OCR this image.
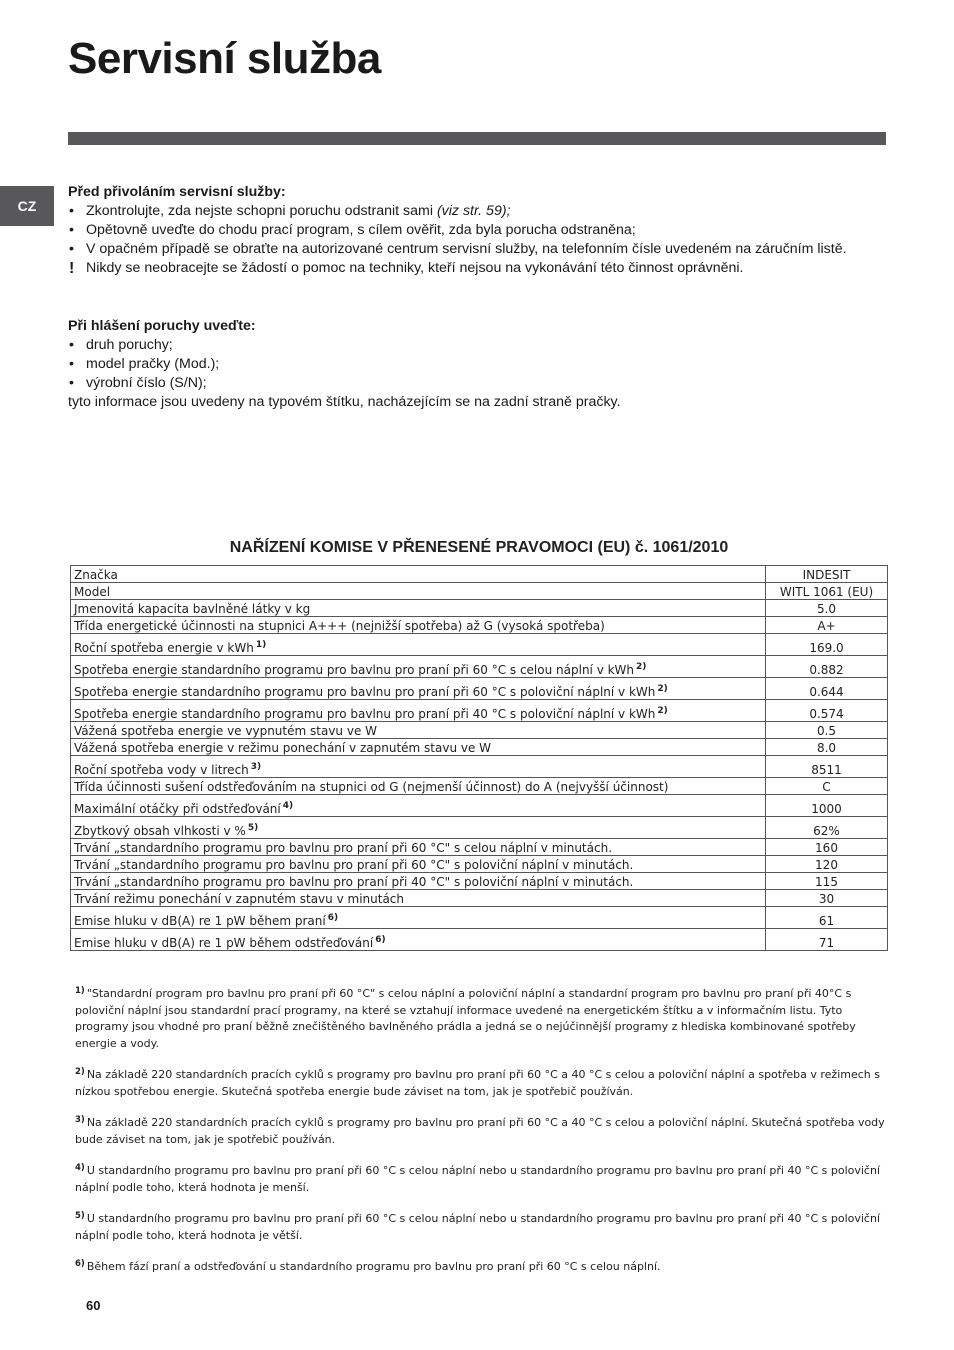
Servisní služba
CZ
Před přivoláním servisní služby:
• Zkontrolujte, zda nejste schopni poruchu odstranit sami (viz str. 59);
• Opětovně uveďte do chodu prací program, s cílem ověřit, zda byla porucha odstraněna;
• V opačném případě se obraťte na autorizované centrum servisní služby, na telefonním čísle uvedeném na záručním listě.
! Nikdy se neobracejte se žádostí o pomoc na techniky, kteří nejsou na vykonávání této činnost oprávněni.
Při hlášení poruchy uveďte:
• druh poruchy;
• model pračky (Mod.);
• výrobní číslo (S/N);
tyto informace jsou uvedeny na typovém štítku, nacházejícím se na zadní straně pračky.
NAŘÍZENÍ KOMISE V PŘENESENÉ PRAVOMOCI (EU) č. 1061/2010
Značka	INDESIT
Model	WITL 1061 (EU)
Jmenovitá kapacita bavlněné látky v kg	5.0
Třída energetické účinnosti na stupnici A+++ (nejnižší spotřeba) až G (vysoká spotřeba)	A+
Roční spotřeba energie v kWh $^{1)}$	169.0
Spotřeba energie standardního programu pro bavlnu pro praní při 60 °C s celou náplní v kWh $^{2)}$	0.882
Spotřeba energie standardního programu pro bavlnu pro praní při 60 °C s poloviční náplní v kWh $^{2)}$	0.644
Spotřeba energie standardního programu pro bavlnu pro praní při 40 °C s poloviční náplní v kWh $^{2)}$	0.574
Vážená spotřeba energie ve vypnutém stavu ve W	0.5
Vážená spotřeba energie v režimu ponechání v zapnutém stavu ve W	8.0
Roční spotřeba vody v litrech $^{3)}$	8511
Třída účinnosti sušení odstřeďováním na stupnici od G (nejmenší účinnost) do A (nejvyšší účinnost)	C
Maximální otáčky při odstřeďování $^{4)}$	1000
Zbytkový obsah vlhkosti v % $^{5)}$	62%
Trvání „standardního programu pro bavlnu pro praní při 60 °C" s celou náplní v minutách.	160
Trvání „standardního programu pro bavlnu pro praní při 60 °C" s poloviční náplní v minutách.	120
Trvání „standardního programu pro bavlnu pro praní při 40 °C" s poloviční náplní v minutách.	115
Trvání režimu ponechání v zapnutém stavu v minutách	30
Emise hluku v dB(A) re 1 pW během praní $^{6)}$	61
Emise hluku v dB(A) re 1 pW během odstřeďování $^{6)}$	71

$^{1)}$ "Standardní program pro bavlnu pro praní při 60 °C" s celou náplní a poloviční náplní a standardní program pro bavlnu pro praní při 40°C s poloviční náplní jsou standardní prací programy, na které se vztahují informace uvedené na energetickém štítku a v informačním listu. Tyto programy jsou vhodné pro praní běžně znečištěného bavlněného prádla a jedná se o nejúčinnější programy z hlediska kombinované spotřeby energie a vody.

$^{2)}$ Na základě 220 standardních pracích cyklů s programy pro bavlnu pro praní při 60 °C a 40 °C s celou a poloviční náplní a spotřeba v režimech s nízkou spotřebou energie. Skutečná spotřeba energie bude záviset na tom, jak je spotřebič používán.

$^{3)}$ Na základě 220 standardních pracích cyklů s programy pro bavlnu pro praní při 60 °C a 40 °C s celou a poloviční náplní. Skutečná spotřeba vody bude záviset na tom, jak je spotřebič používán.

$^{4)}$ U standardního programu pro bavlnu pro praní při 60 °C s celou náplní nebo u standardního programu pro bavlnu pro praní při 40 °C s poloviční náplní podle toho, která hodnota je menší.

$^{5)}$ U standardního programu pro bavlnu pro praní při 60 °C s celou náplní nebo u standardního programu pro bavlnu pro praní při 40 °C s poloviční náplní podle toho, která hodnota je větší.

$^{6)}$ Během fází praní a odstřeďování u standardního programu pro bavlnu pro praní při 60 °C s celou náplní.

60
